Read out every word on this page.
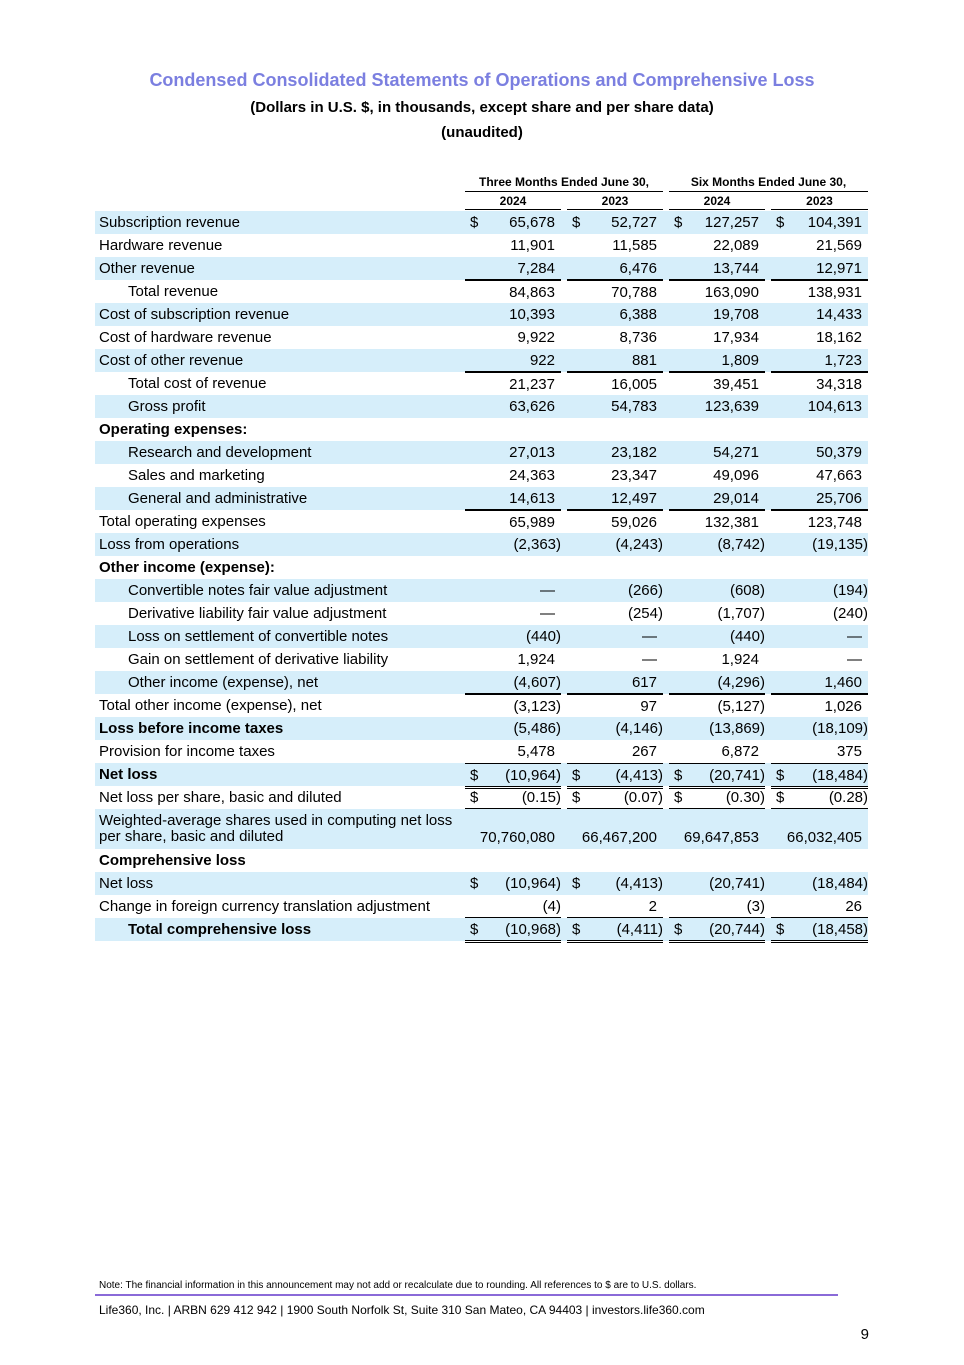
Condensed Consolidated Statements of Operations and Comprehensive Loss
(Dollars in U.S. $, in thousands, except share and per share data)
(unaudited)
Three Months Ended June 30,	Six Months Ended June 30,
2024	2023	2024	2023
Subscription revenue	$ 65,678 $ 52,727 $ 127,257 $ 104,391
Hardware revenue	11,901	11,585	22,089	21,569
Other revenue	7,284	6,476	13,744	12,971
Total revenue	84,863	70,788	163,090	138,931
Cost of subscription revenue	10,393	6,388	19,708	14,433
Cost of hardware revenue	9,922	8,736	17,934	18,162
Cost of other revenue	922	881	1,809	1,723
Total cost of revenue	21,237	16,005	39,451	34,318
Gross profit	63,626	54,783	123,639	104,613
Operating expenses:
Research and development	27,013	23,182	54,271	50,379
Sales and marketing	24,363	23,347	49,096	47,663
General and administrative	14,613	12,497	29,014	25,706
Total operating expenses	65,989	59,026	132,381	123,748
Loss from operations	(2,363)	(4,243)	(8,742)	(19,135)
Other income (expense):
Convertible notes fair value adjustment	—	(266)	(608)	(194)
Derivative liability fair value adjustment	—	(254)	(1,707)	(240)
Loss on settlement of convertible notes	(440)	—	(440)	—
Gain on settlement of derivative liability	1,924	—	1,924	—
Other income (expense), net	(4,607)	617	(4,296)	1,460
Total other income (expense), net	(3,123)	97	(5,127)	1,026
Loss before income taxes	(5,486)	(4,146)	(13,869)	(18,109)
Provision for income taxes	5,478	267	6,872	375
Net loss	$ (10,964) $ (4,413) $ (20,741) $ (18,484)
Net loss per share, basic and diluted	$	(0.15) $	(0.07) $	(0.30) $	(0.28)
Weighted-average shares used in computing net loss per share, basic and diluted	70,760,080 66,467,200 69,647,853 66,032,405
Comprehensive loss
Net loss	$ (10,964) $ (4,413)	(20,741)	(18,484)
Change in foreign currency translation adjustment	(4)	2	(3)	26
Total comprehensive loss	$ (10,968) $ (4,411) $ (20,744) $ (18,458)
Note: The financial information in this announcement may not add or recalculate due to rounding. All references to $ are to U.S. dollars.
Life360, Inc. | ARBN 629 412 942 | 1900 South Norfolk St, Suite 310 San Mateo, CA 94403 | investors.life360.com
9
